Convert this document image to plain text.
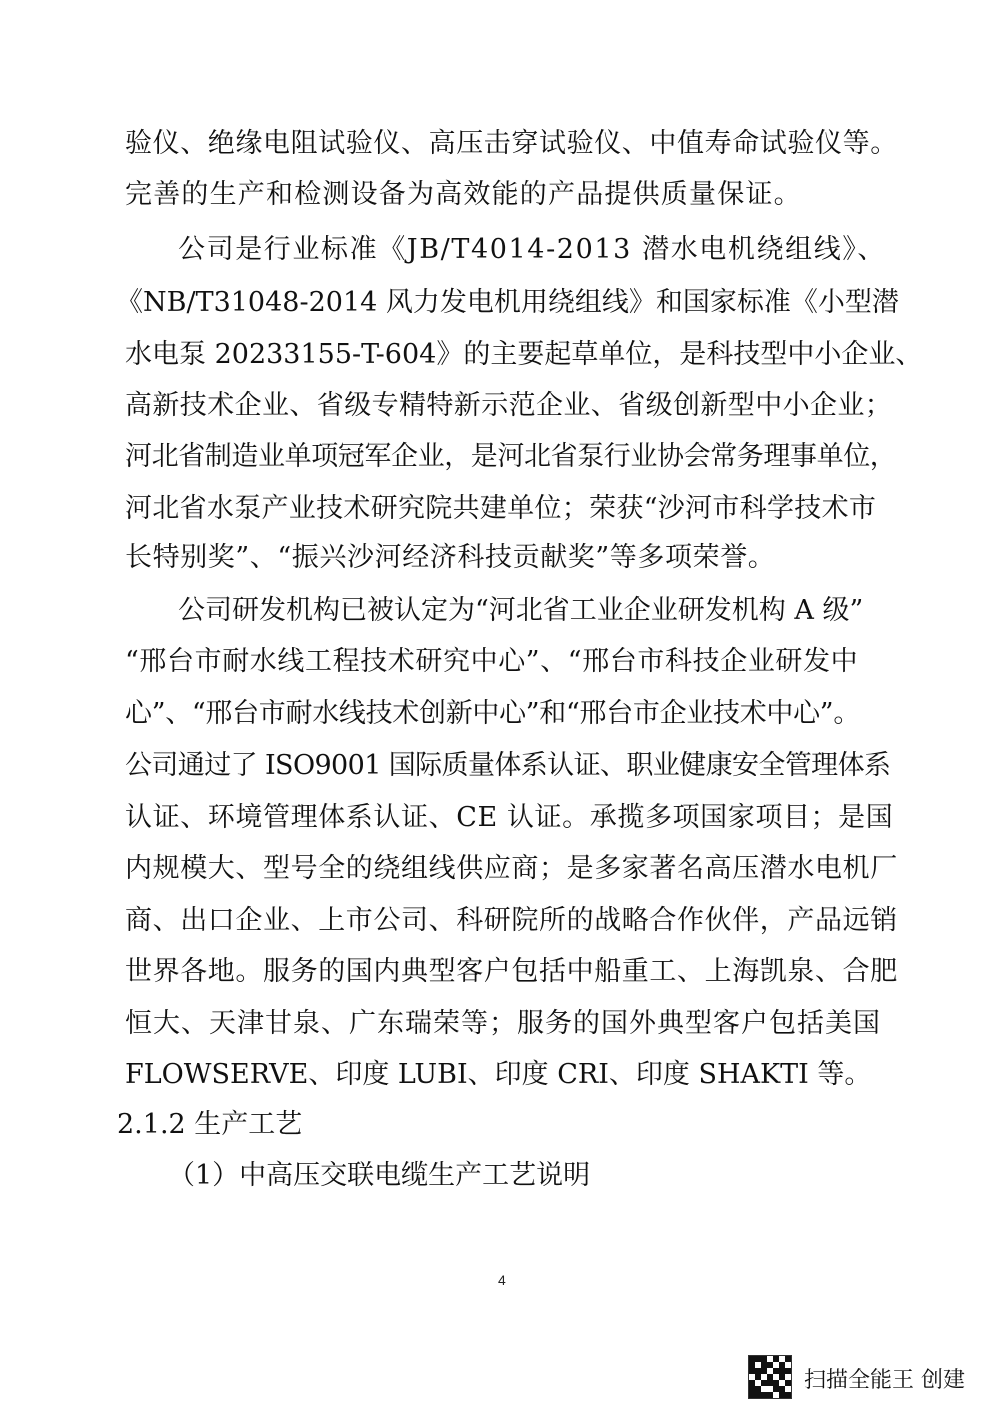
验仪、绝缘电阻试验仪、高压击穿试验仪、中值寿命试验仪等。
完善的生产和检测设备为高效能的产品提供质量保证。
公司是行业标准《JB/T4014-2013 潜水电机绕组线》、
《NB/T31048-2014 风力发电机用绕组线》和国家标准《小型潜
水电泵 20233155-T-604》的主要起草单位，是科技型中小企业、
高新技术企业、省级专精特新示范企业、省级创新型中小企业；
河北省制造业单项冠军企业，是河北省泵行业协会常务理事单位，
河北省水泵产业技术研究院共建单位；荣获“沙河市科学技术市
长特别奖”、“振兴沙河经济科技贡献奖”等多项荣誉。
公司研发机构已被认定为“河北省工业企业研发机构 A 级”
“邢台市耐水线工程技术研究中心”、“邢台市科技企业研发中
心”、“邢台市耐水线技术创新中心”和“邢台市企业技术中心”。
公司通过了 ISO9001 国际质量体系认证、职业健康安全管理体系
认证、环境管理体系认证、CE 认证。承揽多项国家项目；是国
内规模大、型号全的绕组线供应商；是多家著名高压潜水电机厂
商、出口企业、上市公司、科研院所的战略合作伙伴，产品远销
世界各地。服务的国内典型客户包括中船重工、上海凯泉、合肥
恒大、天津甘泉、广东瑞荣等；服务的国外典型客户包括美国
FLOWSERVE、印度 LUBI、印度 CRI、印度 SHAKTI 等。
2.1.2 生产工艺
（1）中高压交联电缆生产工艺说明
4
扫描全能王 创建
